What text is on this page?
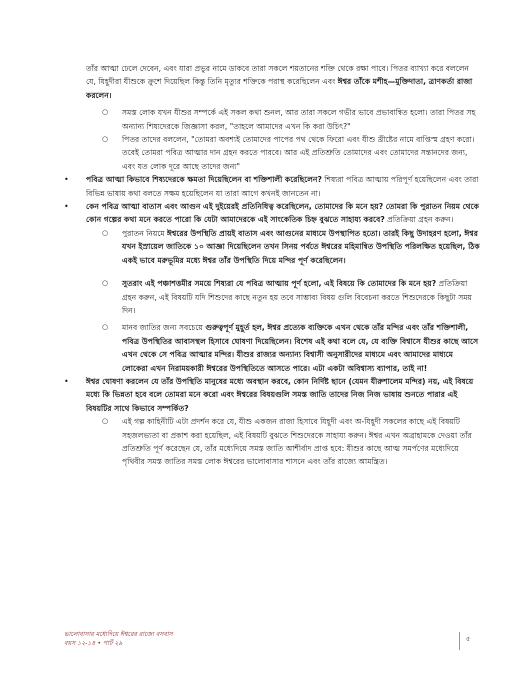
তাঁর আত্মা ঢেলে দেবেন, এবং যারা প্রভুর নামে ডাকবে তারা সকলে শয়তানের শক্তি থেকে রক্ষা পাবে। পিতর ব্যাখ্যা করে বললেন যে, যিহূদীরা যীশুকে ক্রুশে দিয়েছিল কিন্তু তিনি মৃত্যুর শক্তিকে পরাস্থ করেছিলেন এবং ঈশ্বর তাঁকে মশীহ—মুক্তিদাতা, ত্রাণকর্তা রাজা করলেন।

○ সমস্ত লোক যখন যীশুর সম্পর্কে এই সকল কথা শুনল, আর তারা সকলে গভীর ভাবে প্রভাবান্বিত হলো। তারা পিতর সহ অন্যান্য শিষ্যদেরকে জিজ্ঞাসা করল, "তাহলে আমাদের এখন কি করা উচিৎ?"

○ পিতর তাদের বললেন, "তোমরা অবশ্যই তোমাদের পাপের পথ থেকে ফিরো এবং যীশু খ্রীষ্টের নামে বাপ্তিস্ম গ্রহণ করো। তবেই তোমরা পবিত্র আত্মার দান গ্রহন করতে পারবে। আর এই প্রতিশ্রুতি তোমাদের এবং তোমাদের সন্তানদের জন্য, এবং যত লোক দূরে আছে তাদের জন্য"

• পবিত্র আত্মা কিভাবে শিষ্যদেরকে ক্ষমতা দিয়েছিলেন বা শক্তিশালী করেছিলেন? শিষ্যরা পবিত্র আত্মায় পরিপূর্ণ হয়েছিলেন এবং তারা বিভিন্ন ভাষায় কথা বলতে সক্ষম হয়েছিলেন যা তারা আগে কখনই জানতেন না।

• কেন পবিত্র আত্মা বাতাস এবং আগুন এই দুইয়েরই প্রতিনিধিত্ব করেছিলেন, তোমাদের কি মনে হয়? তোমরা কি পুরাতন নিয়ম থেকে কোন গল্পের কথা মনে করতে পারো কি যেটা আমাদেরকে এই সাংকেতিক চিহ্ন বুঝতে সাহায্য করবে? প্রতিক্রিয়া গ্রহন করুন।

○ পুরাতন নিয়মে ঈশ্বরের উপস্থিতি প্রায়ই বাতাস এবং আগুনের মাধ্যমে উপস্থাপিত হতো। তারই কিছু উদাহরণ হলো, ঈশ্বর যখন ইস্রায়েল জাতিকে ১০ আজ্ঞা দিয়েছিলেন তখন সিনয় পর্বতে ঈশ্বরের মহিমান্বিত উপস্থিতি পরিলক্ষিত হয়েছিল, ঠিক একই ভাবে মরুভূমির মধ্যে ঈশ্বর তাঁর উপস্থিতি দিয়ে মন্দির পূর্ণ করেছিলেন।

○ সুতরাং এই পঞ্চাশত্তমীর সময়ে শিষ্যরা যে পবিত্র আত্মায় পূর্ণ হলো, এই বিষয়ে কি তোমাদের কি মনে হয়? প্রতিক্রিয়া গ্রহন করুন, এই বিষয়টি যদি শিশুদের কাছে নতুন হয় তবে সাম্ভাব্য বিষয় গুলি বিবেচনা করতে শিশুদেরকে কিছুটা সময় দিন।

○ মানব জাতির জন্য সবচেয়ে গুরুত্বপূর্ণ মুহূর্ত হল, ঈশ্বর প্রত্যেক ব্যক্তিকে এখন থেকে তাঁর মন্দির এবং তাঁর শক্তিশালী, পবিত্র উপস্থিতির আবাসস্থল হিসাবে ঘোষণা দিয়েছিলেন। বিশেষ এই কথা বলে যে, যে ব্যক্তি বিশ্বাসে যীশুর কাছে আসে এখন থেকে সে পবিত্র আত্মার মন্দির। যীশুর রাজ্যর অন্যান্য বিশ্বাসী অনুসারীদের মাধ্যমে এবং আমাদের মাধ্যমে লোকেরা এখন নিরাময়কারী ঈশ্বরের উপস্থিতিতে আসতে পারে। এটা একটা অবিশ্বাস্য ব্যাপার, তাই না!

• ঈশ্বর ঘোষণা করলেন যে তাঁর উপস্থিতি মানুষের মধ্যে অবস্থান করবে, কোন নির্দিষ্ট ছানে (যেমন যীরুশালেম মন্দির) নয়, এই বিষয়ে মধ্যে কি ভিন্নতা হবে বলে তোমরা মনে করো এবং ঈশ্বরের বিষয়গুলি সমস্ত জাতি তাদের নিজ নিজ ভাষায় শুনতে পারার এই বিষয়টির সাথে কিভাবে সম্পর্কিত?

○ এই গল্প কাহিনীটি এটা প্রদর্শন করে যে, যীশু একজন রাজা হিসাবে যিহূদী এবং অ-যিহূদী সকলের কাছে এই বিষয়টি সহজলভ্যতা বা প্রকাশ করা হয়েছিল, এই বিষয়টি বুঝতে শিশুদেরকে সাহায্য করুন। ঈশ্বর এখন অব্রাহামকে দেওয়া তাঁর প্রতিশ্রুতি পূর্ণ করেছেন যে, তাঁর মধ্যেদিয়ে সমস্ত জাতি আশীর্বাদ প্রাপ্ত হবে: যীশুর কাছে আত্ম সমর্পণের মধ্যেদিয়ে পৃথিবীর সমস্ত জাতির সমস্ত লোক ঈশ্বরের ভালোবাসার শাসনে এবং তাঁর রাজ্যে আমন্ত্রিত।

ভালোবাসার মধ্যেদিয়ে ঈশ্বরের রাজ্যে বসবাস
বয়স ১২-১৪ • পার্ট ২৯
৫
